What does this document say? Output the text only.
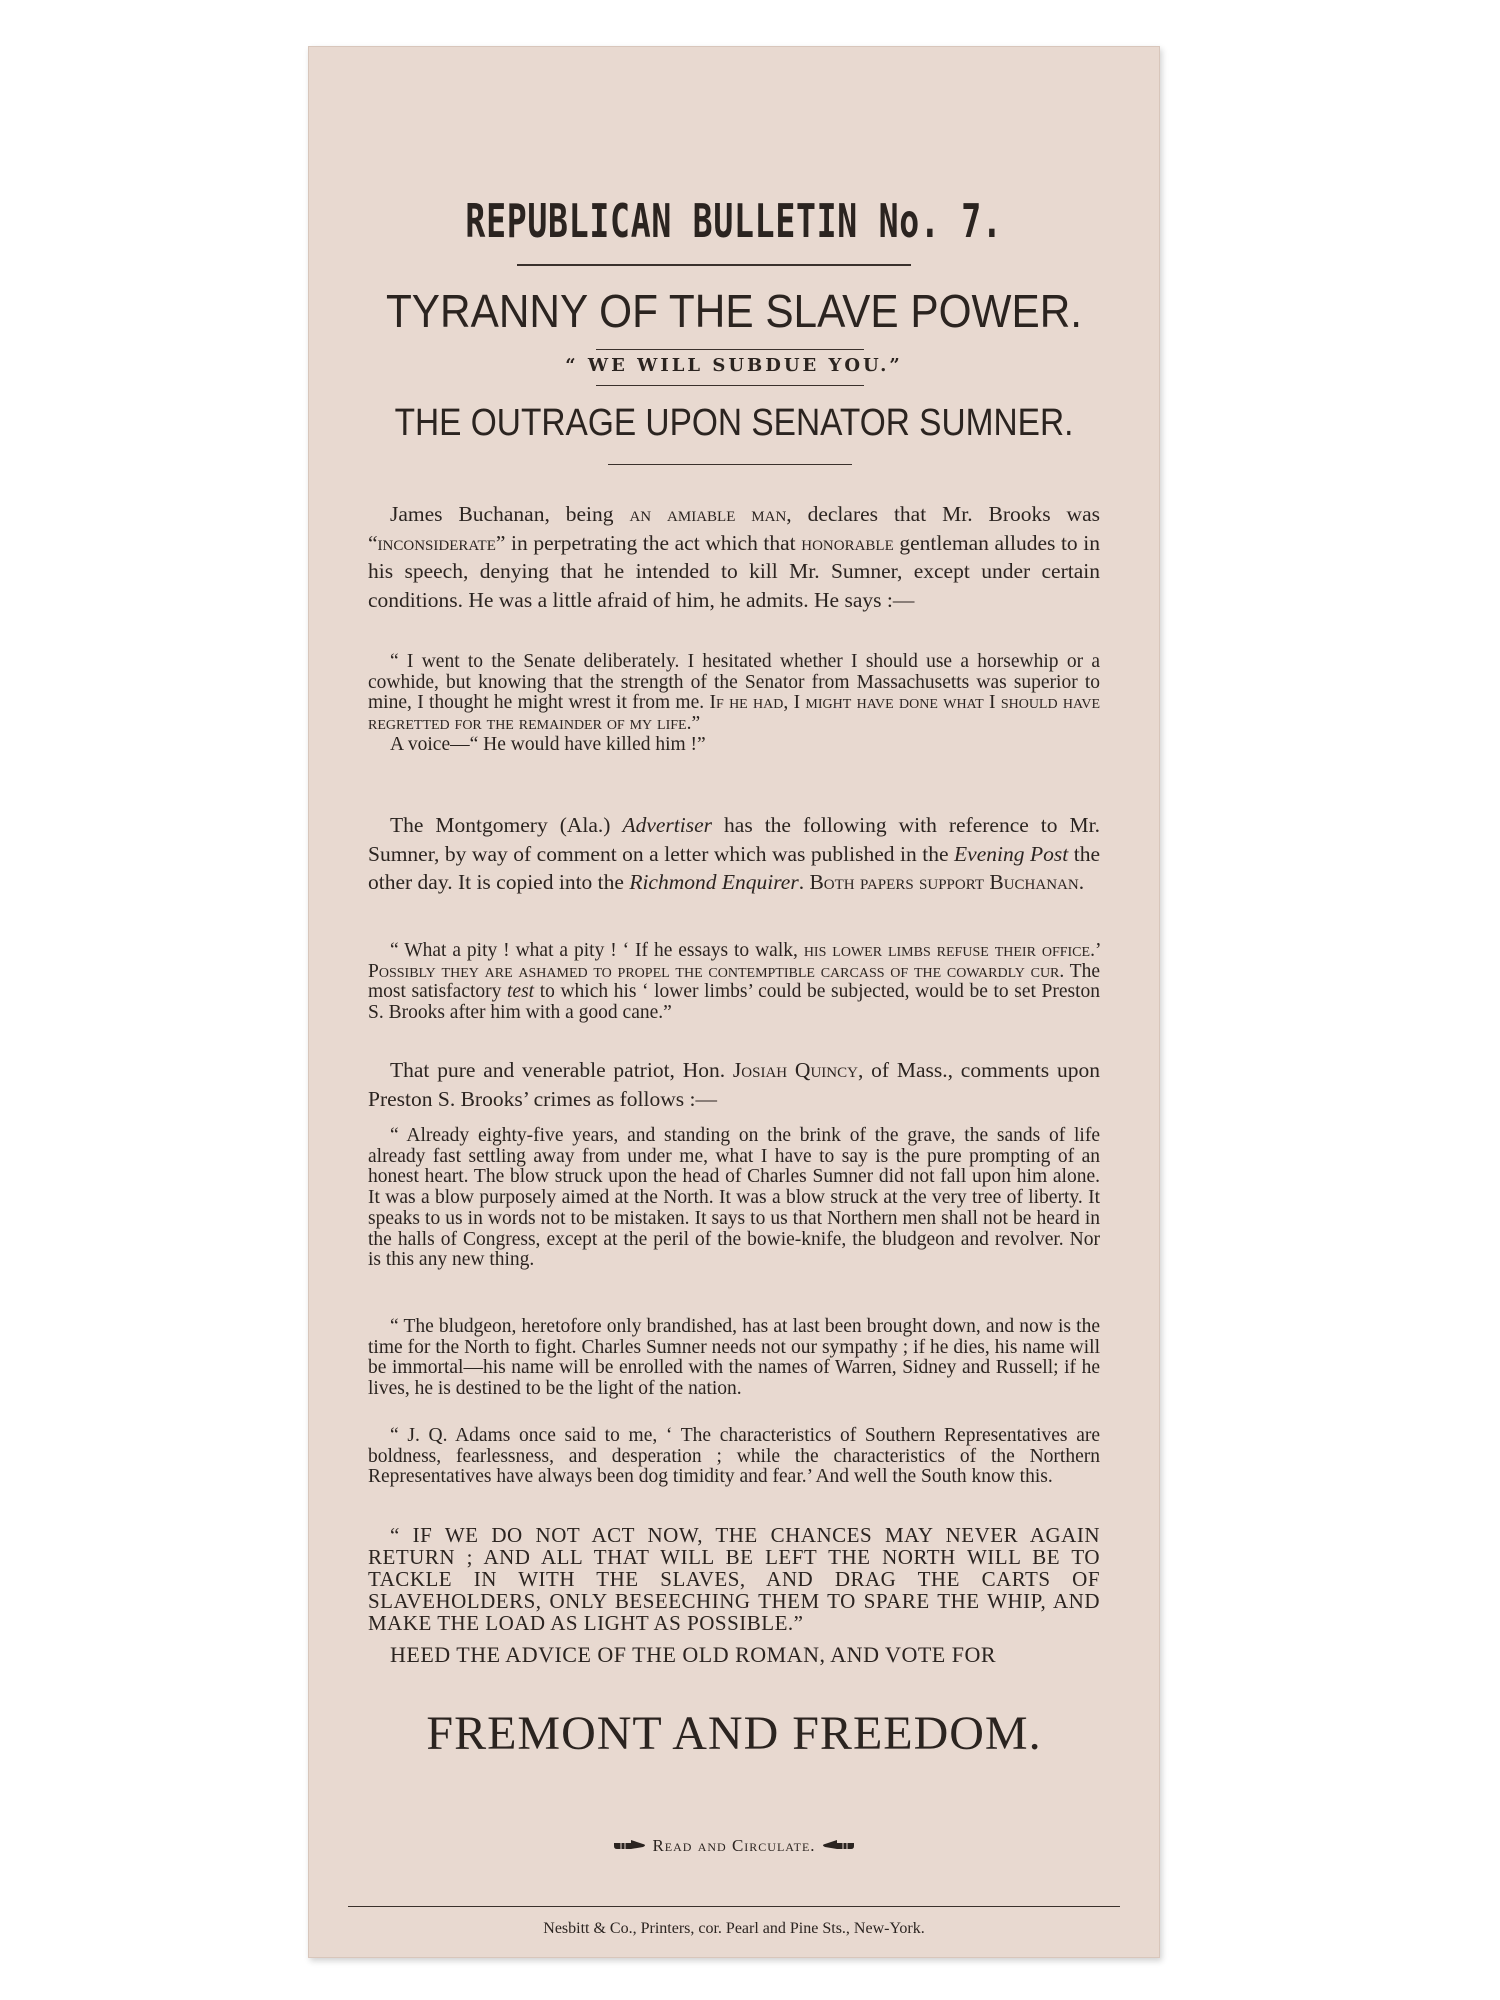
REPUBLICAN BULLETIN No. 7.
TYRANNY OF THE SLAVE POWER.
“ WE WILL SUBDUE YOU.”
THE OUTRAGE UPON SENATOR SUMNER.

James Buchanan, being an amiable man, declares that Mr. Brooks was “inconsiderate” in perpetrating the act which that honorable gentleman alludes to in his speech, denying that he intended to kill Mr. Sumner, except under certain conditions. He was a little afraid of him, he admits. He says :—

“ I went to the Senate deliberately. I hesitated whether I should use a horsewhip or a cowhide, but knowing that the strength of the Senator from Massachusetts was superior to mine, I thought he might wrest it from me. If he had, I might have done what I should have regretted for the remainder of my life.”

A voice—“ He would have killed him !”

The Montgomery (Ala.) Advertiser has the following with reference to Mr. Sumner, by way of comment on a letter which was published in the Evening Post the other day. It is copied into the Richmond Enquirer. Both papers support Buchanan.

“ What a pity ! what a pity ! ‘ If he essays to walk, his lower limbs refuse their office.’ Possibly they are ashamed to propel the contemptible carcass of the cowardly cur. The most satisfactory test to which his ‘ lower limbs’ could be subjected, would be to set Preston S. Brooks after him with a good cane.”

That pure and venerable patriot, Hon. Josiah Quincy, of Mass., comments upon Preston S. Brooks’ crimes as follows :—

“ Already eighty-five years, and standing on the brink of the grave, the sands of life already fast settling away from under me, what I have to say is the pure prompting of an honest heart. The blow struck upon the head of Charles Sumner did not fall upon him alone. It was a blow purposely aimed at the North. It was a blow struck at the very tree of liberty. It speaks to us in words not to be mistaken. It says to us that Northern men shall not be heard in the halls of Congress, except at the peril of the bowie-knife, the bludgeon and revolver. Nor is this any new thing.

“ The bludgeon, heretofore only brandished, has at last been brought down, and now is the time for the North to fight. Charles Sumner needs not our sympathy ; if he dies, his name will be immortal—his name will be enrolled with the names of Warren, Sidney and Russell; if he lives, he is destined to be the light of the nation.

“ J. Q. Adams once said to me, ‘ The characteristics of Southern Representatives are boldness, fearlessness, and desperation ; while the characteristics of the Northern Representatives have always been dog timidity and fear.’ And well the South know this.

“ IF WE DO NOT ACT NOW, THE CHANCES MAY NEVER AGAIN RETURN ; AND ALL THAT WILL BE LEFT THE NORTH WILL BE TO TACKLE IN WITH THE SLAVES, AND DRAG THE CARTS OF SLAVEHOLDERS, ONLY BESEECHING THEM TO SPARE THE WHIP, AND MAKE THE LOAD AS LIGHT AS POSSIBLE.”

HEED THE ADVICE OF THE OLD ROMAN, AND VOTE FOR

FREMONT AND FREEDOM.
Read and Circulate.
Nesbitt & Co., Printers, cor. Pearl and Pine Sts., New-York.
